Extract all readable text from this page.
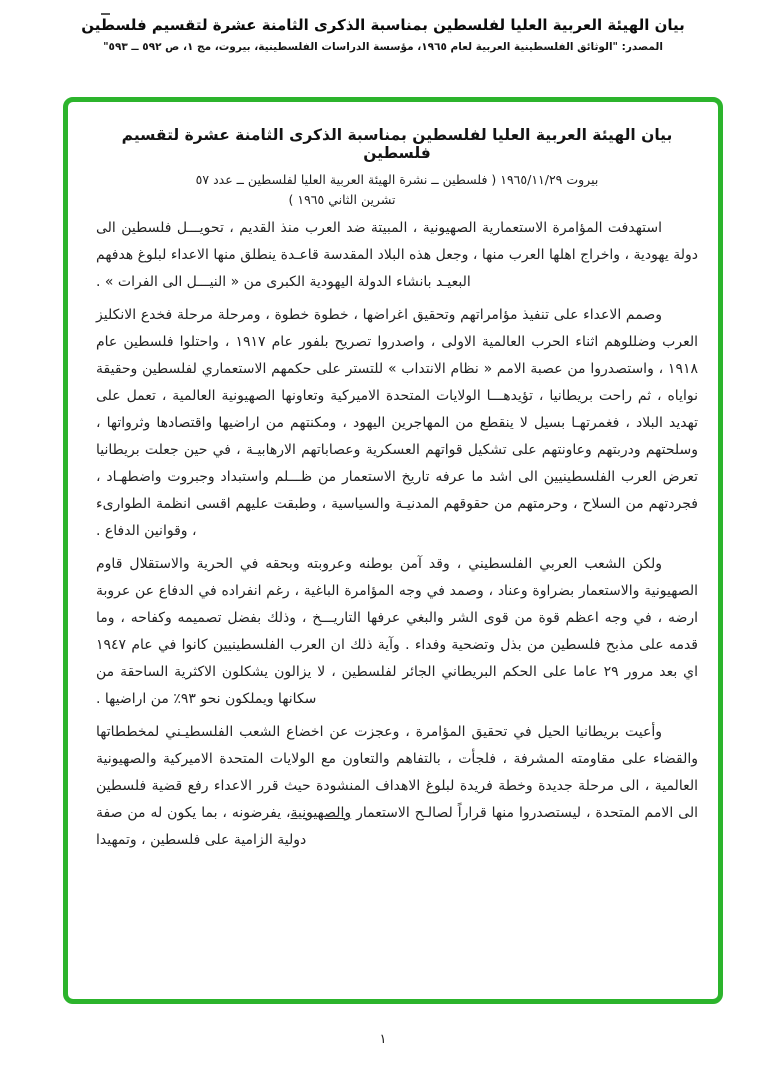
بيان الهيئة العربية العليا لفلسطين بمناسبة الذكرى الثامنة عشرة لتقسيم فلسطين
المصدر: "الوثائق الفلسطينية العربية لعام ١٩٦٥، مؤسسة الدراسات الفلسطينية، بيروت، مج ١، ص ٥٩٢ ــ ٥٩٣"
بيان الهيئة العربية العليا لفلسطين بمناسبة الذكرى الثامنة عشرة لتقسيم فلسطين
بيروت ١٩٦٥/١١/٢٩ ( فلسطين ــ نشرة الهيئة العربية العليا لفلسطين ــ عدد ٥٧
تشرين الثاني ١٩٦٥ )

استهدفت المؤامرة الاستعمارية الصهيونية ، المبيتة ضد العرب منذ القديم ، تحويـــل فلسطين الى دولة يهودية ، واخراج اهلها العرب منها ، وجعل هذه البلاد المقدسة قاعـدة ينطلق منها الاعداء لبلوغ هدفهم البعيـد بانشاء الدولة اليهودية الكبرى من « النيـــل الى الفرات » .

وصمم الاعداء على تنفيذ مؤامراتهم وتحقيق اغراضها ، خطوة خطوة ، ومرحلة مرحلة فخدع الانكليز العرب وضللوهم اثناء الحرب العالمية الاولى ، واصدروا تصريح بلفور عام ١٩١٧ ، واحتلوا فلسطين عام ١٩١٨ ، واستصدروا من عصبة الامم « نظام الانتداب » للتستر على حكمهم الاستعماري لفلسطين وحقيقة نواياه ، ثم راحت بريطانيا ، تؤيدهـــا الولايات المتحدة الاميركية وتعاونها الصهيونية العالمية ، تعمل على تهديد البلاد ، فغمرتهـا بسيل لا ينقطع من المهاجرين اليهود ، ومكنتهم من اراضيها واقتصادها وثرواتها ، وسلحتهم ودربتهم وعاونتهم على تشكيل قواتهم العسكرية وعصاباتهم الارهابيـة ، في حين جعلت بريطانيا تعرض العرب الفلسطينيين الى اشد ما عرفه تاريخ الاستعمار من ظـــلم واستبداد وجبروت واضطهـاد ، فجردتهم من السلاح ، وحرمتهم من حقوقهم المدنيـة والسياسية ، وطبقت عليهم اقسى انظمة الطوارىء ، وقوانين الدفاع .

ولكن الشعب العربي الفلسطيني ، وقد آمن بوطنه وعروبته وبحقه في الحرية والاستقلال قاوم الصهيونية والاستعمار بضراوة وعناد ، وصمد في وجه المؤامرة الباغية ، رغم انفراده في الدفاع عن عروبة ارضه ، في وجه اعظم قوة من قوى الشر والبغي عرفها التاريـــخ ، وذلك بفضل تصميمه وكفاحه ، وما قدمه على مذبح فلسطين من بذل وتضحية وفداء . وآية ذلك ان العرب الفلسطينيين كانوا في عام ١٩٤٧ اي بعد مرور ٢٩ عاما على الحكم البريطاني الجائر لفلسطين ، لا يزالون يشكلون الاكثرية الساحقة من سكانها ويملكون نحو ٩٣٪ من اراضيها .

وأعيت بريطانيا الحيل في تحقيق المؤامرة ، وعجزت عن اخضاع الشعب الفلسطيـني لمخططاتها والقضاء على مقاومته المشرفة ، فلجأت ، بالتفاهم والتعاون مع الولايات المتحدة الاميركية والصهيونية العالمية ، الى مرحلة جديدة وخطة فريدة لبلوغ الاهداف المنشودة حيث قرر الاعداء رفع قضية فلسطين الى الامم المتحدة ، ليستصدروا منها قراراً لصالـح الاستعمار والصهيونية، يفرضونه ، بما يكون له من صفة دولية الزامية على فلسطين ، وتمهيدا

١
